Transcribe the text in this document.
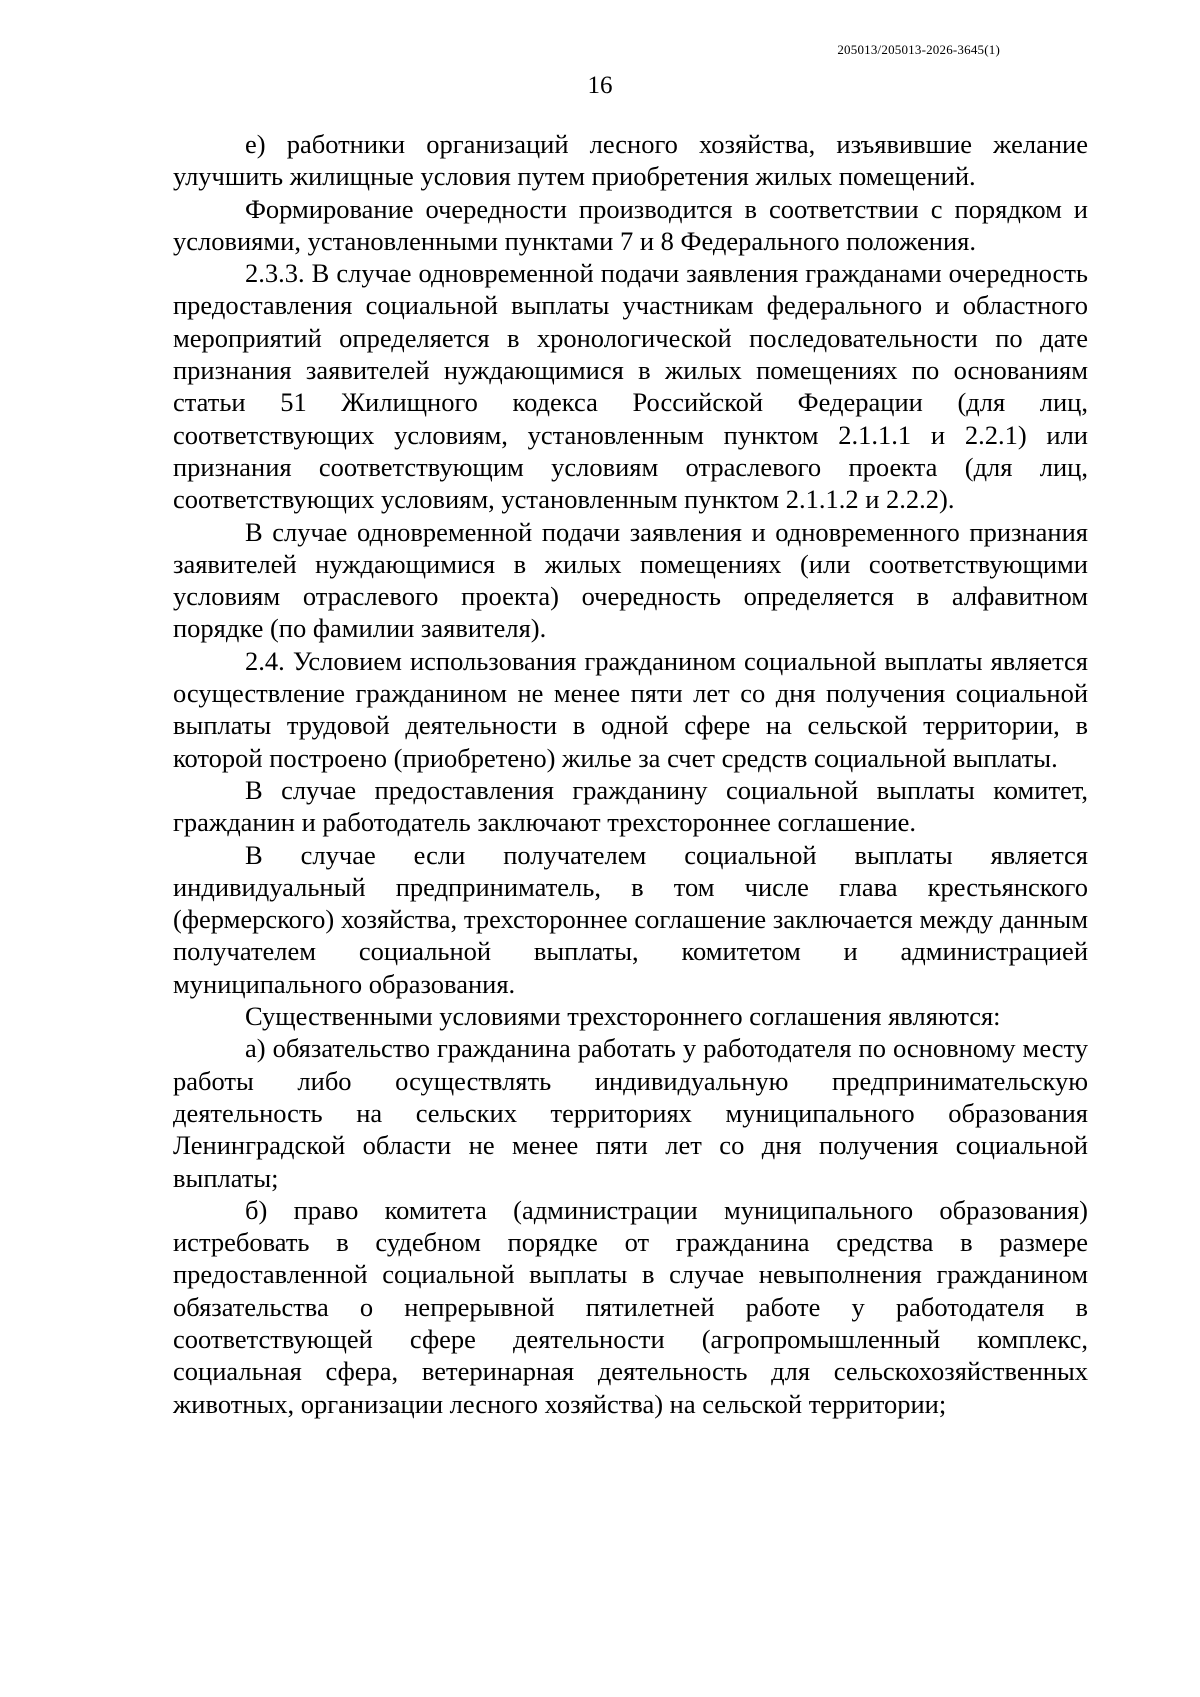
205013/205013-2026-3645(1)
16

е) работники организаций лесного хозяйства, изъявившие желание улучшить жилищные условия путем приобретения жилых помещений.

Формирование очередности производится в соответствии с порядком и условиями, установленными пунктами 7 и 8 Федерального положения.

2.3.3. В случае одновременной подачи заявления гражданами очередность предоставления социальной выплаты участникам федерального и областного мероприятий определяется в хронологической последовательности по дате признания заявителей нуждающимися в жилых помещениях по основаниям статьи 51 Жилищного кодекса Российской Федерации (для лиц, соответствующих условиям, установленным пунктом 2.1.1.1 и 2.2.1) или признания соответствующим условиям отраслевого проекта (для лиц, соответствующих условиям, установленным пунктом 2.1.1.2 и 2.2.2).

В случае одновременной подачи заявления и одновременного признания заявителей нуждающимися в жилых помещениях (или соответствующими условиям отраслевого проекта) очередность определяется в алфавитном порядке (по фамилии заявителя).

2.4. Условием использования гражданином социальной выплаты является осуществление гражданином не менее пяти лет со дня получения социальной выплаты трудовой деятельности в одной сфере на сельской территории, в которой построено (приобретено) жилье за счет средств социальной выплаты.

В случае предоставления гражданину социальной выплаты комитет, гражданин и работодатель заключают трехстороннее соглашение.

В случае если получателем социальной выплаты является индивидуальный предприниматель, в том числе глава крестьянского (фермерского) хозяйства, трехстороннее соглашение заключается между данным получателем социальной выплаты, комитетом и администрацией муниципального образования.

Существенными условиями трехстороннего соглашения являются:

а) обязательство гражданина работать у работодателя по основному месту работы либо осуществлять индивидуальную предпринимательскую деятельность на сельских территориях муниципального образования Ленинградской области не менее пяти лет со дня получения социальной выплаты;

б) право комитета (администрации муниципального образования) истребовать в судебном порядке от гражданина средства в размере предоставленной социальной выплаты в случае невыполнения гражданином обязательства о непрерывной пятилетней работе у работодателя в соответствующей сфере деятельности (агропромышленный комплекс, социальная сфера, ветеринарная деятельность для сельскохозяйственных животных, организации лесного хозяйства) на сельской территории;
